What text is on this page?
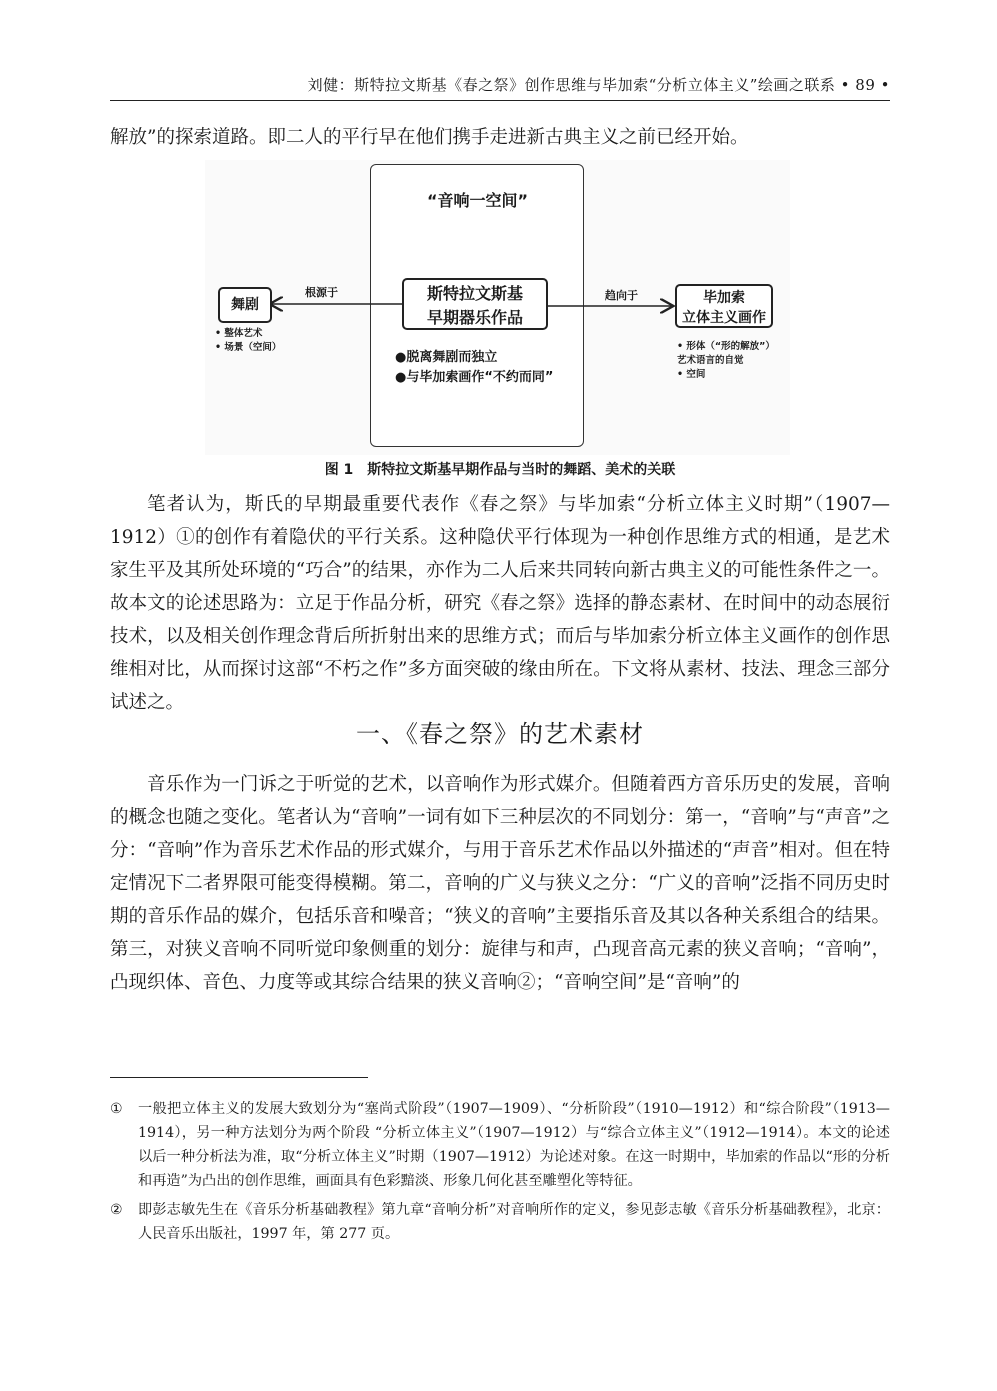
刘健：斯特拉文斯基《春之祭》创作思维与毕加索“分析立体主义”绘画之联系 • 89 •

解放”的探索道路。即二人的平行早在他们携手走进新古典主义之前已经开始。

“音响一空间”
舞剧
根源于	斯特拉文斯基
早期器乐作品
趋向于	毕加索
立体主义画作
• 整体艺术
• 场景（空间）
●脱离舞剧而独立
●与毕加索画作“不约而同”
• 形体（“形的解放”）
艺术语言的自觉
• 空间
图 1　斯特拉文斯基早期作品与当时的舞蹈、美术的关联

笔者认为，斯氏的早期最重要代表作《春之祭》与毕加索“分析立体主义时期”（1907—1912）①的创作有着隐伏的平行关系。这种隐伏平行体现为一种创作思维方式的相通，是艺术家生平及其所处环境的“巧合”的结果，亦作为二人后来共同转向新古典主义的可能性条件之一。故本文的论述思路为：立足于作品分析，研究《春之祭》选择的静态素材、在时间中的动态展衍技术，以及相关创作理念背后所折射出来的思维方式；而后与毕加索分析立体主义画作的创作思维相对比，从而探讨这部“不朽之作”多方面突破的缘由所在。下文将从素材、技法、理念三部分试述之。

一、《春之祭》的艺术素材

音乐作为一门诉之于听觉的艺术，以音响作为形式媒介。但随着西方音乐历史的发展，音响的概念也随之变化。笔者认为“音响”一词有如下三种层次的不同划分：第一，“音响”与“声音”之分：“音响”作为音乐艺术作品的形式媒介，与用于音乐艺术作品以外描述的“声音”相对。但在特定情况下二者界限可能变得模糊。第二，音响的广义与狭义之分：“广义的音响”泛指不同历史时期的音乐作品的媒介，包括乐音和噪音；“狭义的音响”主要指乐音及其以各种关系组合的结果。第三，对狭义音响不同听觉印象侧重的划分：旋律与和声，凸现音高元素的狭义音响；“音响”，凸现织体、音色、力度等或其综合结果的狭义音响②；“音响空间”是“音响”的

① 一般把立体主义的发展大致划分为“塞尚式阶段”（1907—1909）、“分析阶段”（1910—1912）和“综合阶段”（1913—1914），另一种方法划分为两个阶段 “分析立体主义”（1907—1912）与“综合立体主义”（1912—1914）。本文的论述以后一种分析法为准，取“分析立体主义”时期（1907—1912）为论述对象。在这一时期中，毕加索的作品以“形的分析和再造”为凸出的创作思维，画面具有色彩黯淡、形象几何化甚至雕塑化等特征。
② 即彭志敏先生在《音乐分析基础教程》第九章“音响分析”对音响所作的定义，参见彭志敏《音乐分析基础教程》，北京：人民音乐出版社，1997 年，第 277 页。
